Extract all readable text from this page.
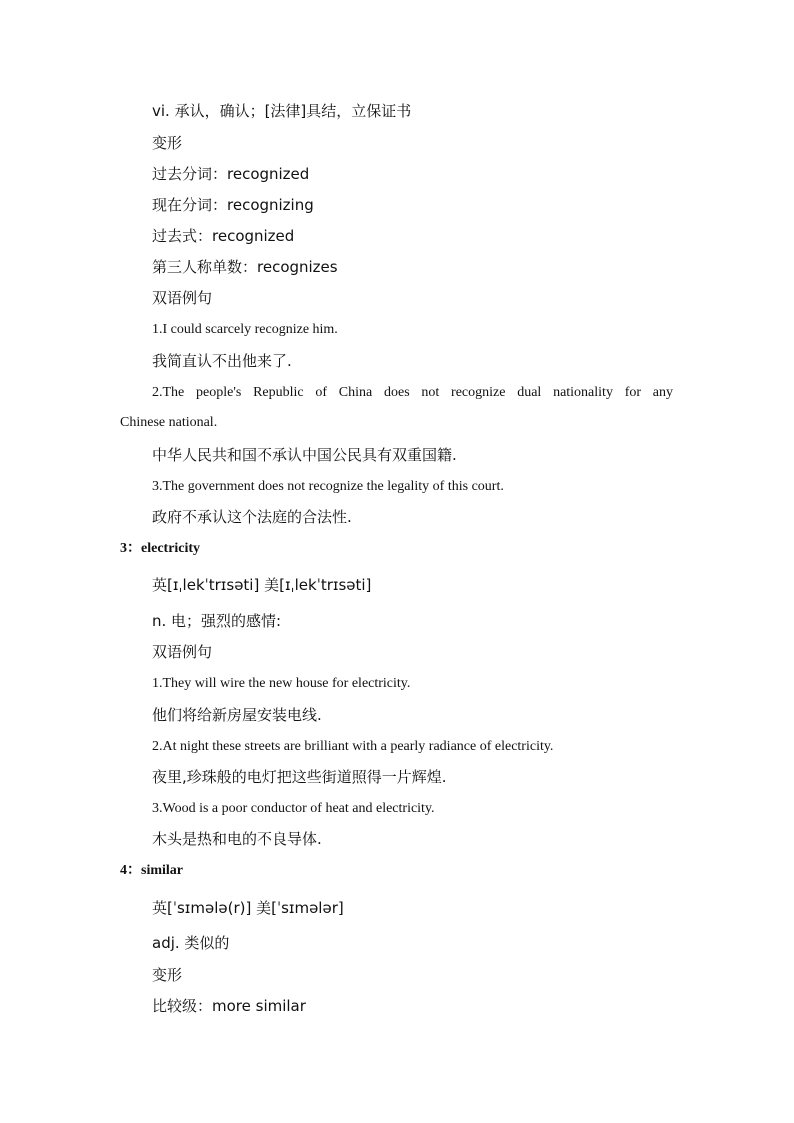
vi. 承认，确认；[法律]具结，立保证书
变形
过去分词：recognized
现在分词：recognizing
过去式：recognized
第三人称单数：recognizes
双语例句
1.I could scarcely recognize him.
我简直认不出他来了.
2.The people's Republic of China does not recognize dual nationality for any
Chinese national.
中华人民共和国不承认中国公民具有双重国籍.
3.The government does not recognize the legality of this court.
政府不承认这个法庭的合法性.
3：electricity
英[ɪˌlekˈtrɪsəti] 美[ɪˌlekˈtrɪsəti]
n. 电；强烈的感情:
双语例句
1.They will wire the new house for electricity.
他们将给新房屋安装电线.
2.At night these streets are brilliant with a pearly radiance of electricity.
夜里,珍珠般的电灯把这些街道照得一片辉煌.
3.Wood is a poor conductor of heat and electricity.
木头是热和电的不良导体.
4：similar
英[ˈsɪmələ(r)] 美[ˈsɪmələr]
adj. 类似的
变形
比较级：more similar
